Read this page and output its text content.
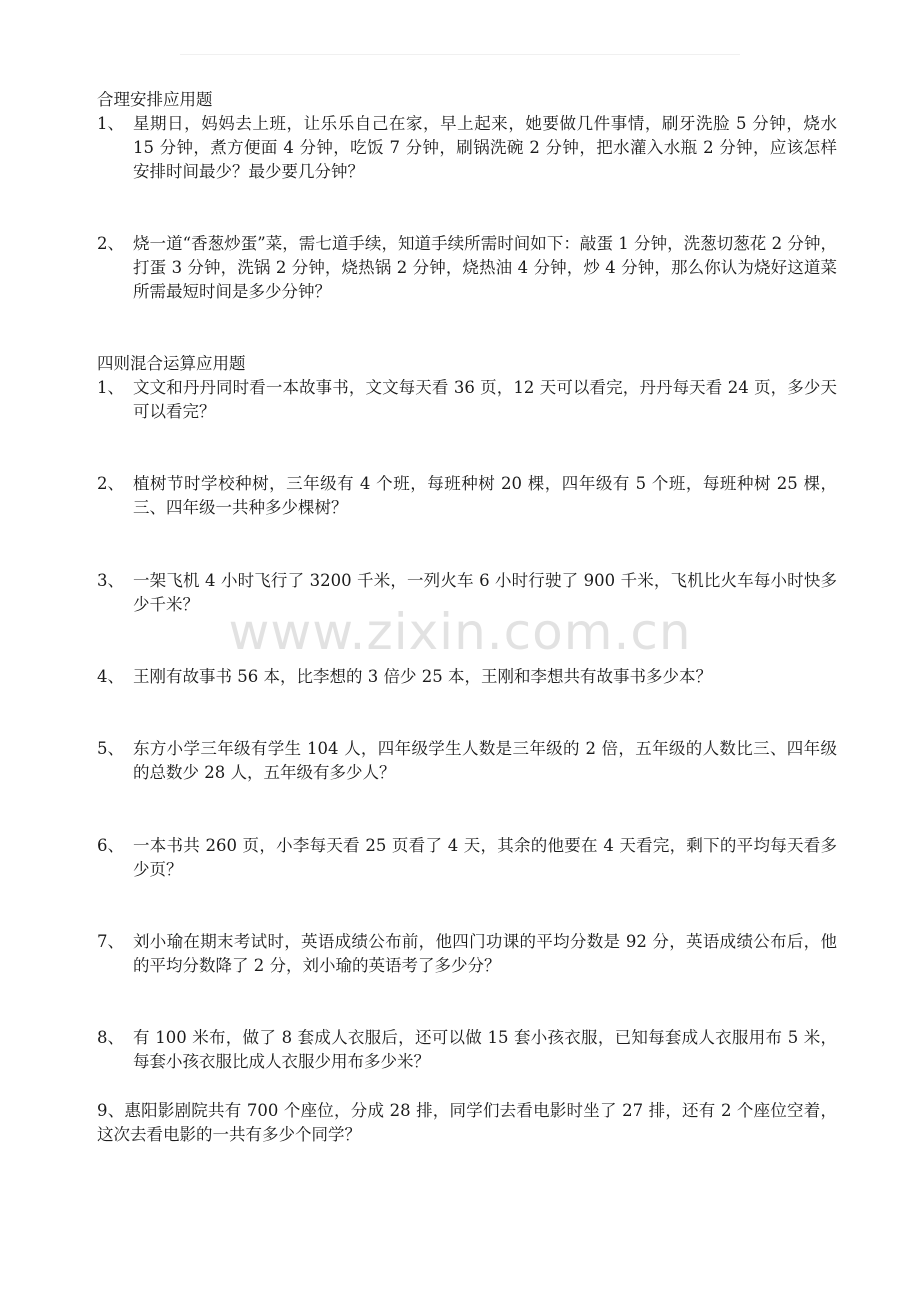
合理安排应用题
1、 星期日，妈妈去上班，让乐乐自己在家，早上起来，她要做几件事情，刷牙洗脸 5 分钟，烧水 15 分钟，煮方便面 4 分钟，吃饭 7 分钟，刷锅洗碗 2 分钟，把水灌入水瓶 2 分钟，应该怎样安排时间最少？最少要几分钟？
2、 烧一道“香葱炒蛋”菜，需七道手续，知道手续所需时间如下：敲蛋 1 分钟，洗葱切葱花 2 分钟，打蛋 3 分钟，洗锅 2 分钟，烧热锅 2 分钟，烧热油 4 分钟，炒 4 分钟，那么你认为烧好这道菜所需最短时间是多少分钟？
四则混合运算应用题
1、 文文和丹丹同时看一本故事书，文文每天看 36 页，12 天可以看完，丹丹每天看 24 页，多少天可以看完？
2、 植树节时学校种树，三年级有 4 个班，每班种树 20 棵，四年级有 5 个班，每班种树 25 棵，三、四年级一共种多少棵树？
3、 一架飞机 4 小时飞行了 3200 千米，一列火车 6 小时行驶了 900 千米，飞机比火车每小时快多少千米？
4、 王刚有故事书 56 本，比李想的 3 倍少 25 本，王刚和李想共有故事书多少本？
5、 东方小学三年级有学生 104 人，四年级学生人数是三年级的 2 倍，五年级的人数比三、四年级的总数少 28 人，五年级有多少人？
6、 一本书共 260 页，小李每天看 25 页看了 4 天，其余的他要在 4 天看完，剩下的平均每天看多少页？
7、 刘小瑜在期末考试时，英语成绩公布前，他四门功课的平均分数是 92 分，英语成绩公布后，他的平均分数降了 2 分，刘小瑜的英语考了多少分？
8、 有 100 米布，做了 8 套成人衣服后，还可以做 15 套小孩衣服，已知每套成人衣服用布 5 米，每套小孩衣服比成人衣服少用布多少米？
9、惠阳影剧院共有 700 个座位，分成 28 排，同学们去看电影时坐了 27 排，还有 2 个座位空着，这次去看电影的一共有多少个同学？
www.zixin.com.cn
